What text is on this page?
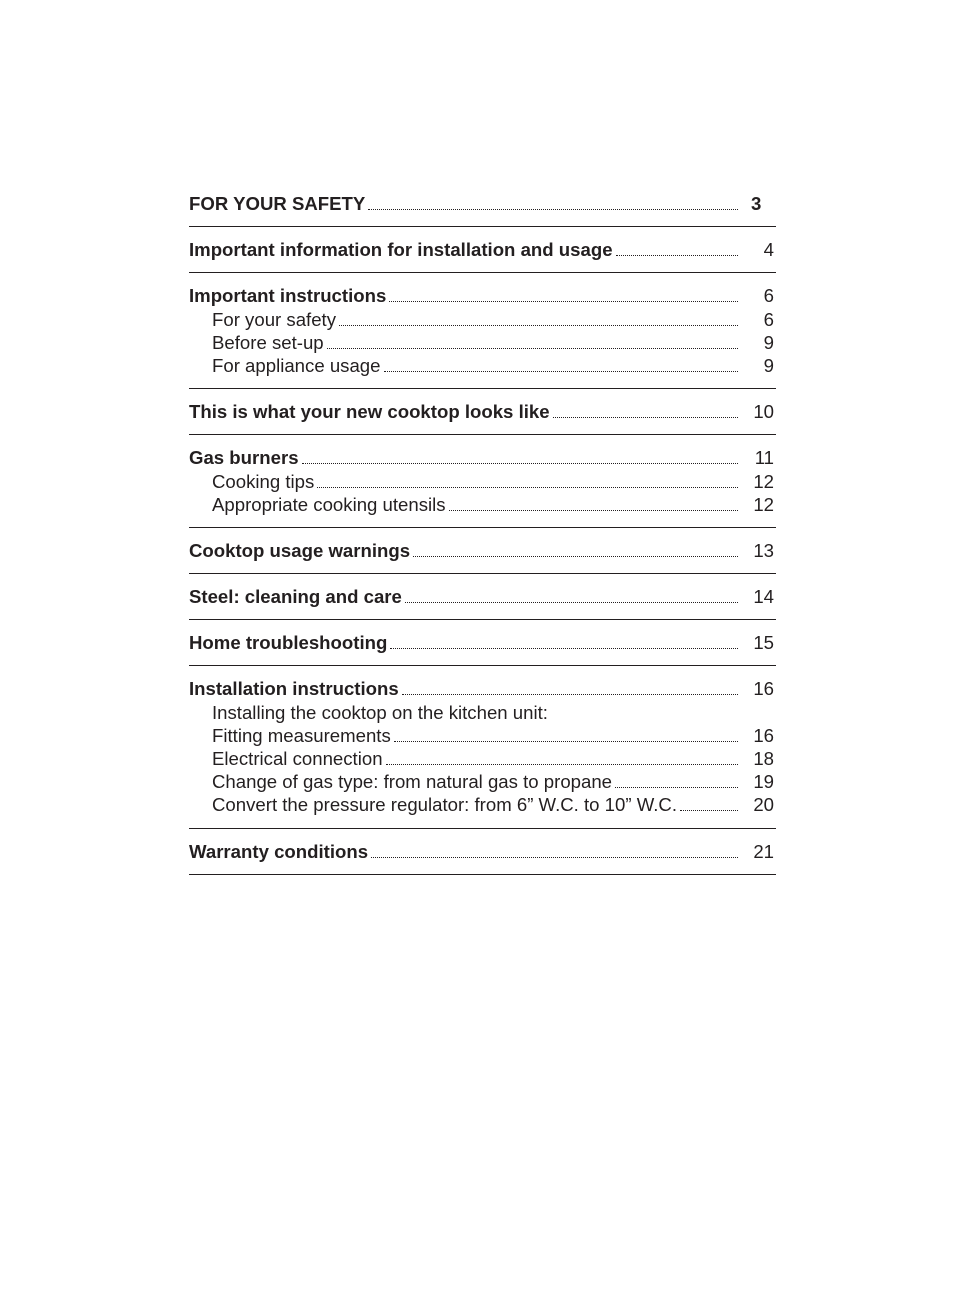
FOR YOUR SAFETY	3
Important information for installation and usage	4
Important instructions	6
For your safety	6
Before set-up	9
For appliance usage	9
This is what your new cooktop looks like	10
Gas burners	11
Cooking tips	12
Appropriate cooking utensils	12
Cooktop usage warnings	13
Steel: cleaning and care	14
Home troubleshooting	15
Installation instructions	16
Installing the cooktop on the kitchen unit:
Fitting measurements	16
Electrical connection	18
Change of gas type: from natural gas to propane	19
Convert the pressure regulator: from 6” W.C. to 10” W.C.	20
Warranty conditions	21
